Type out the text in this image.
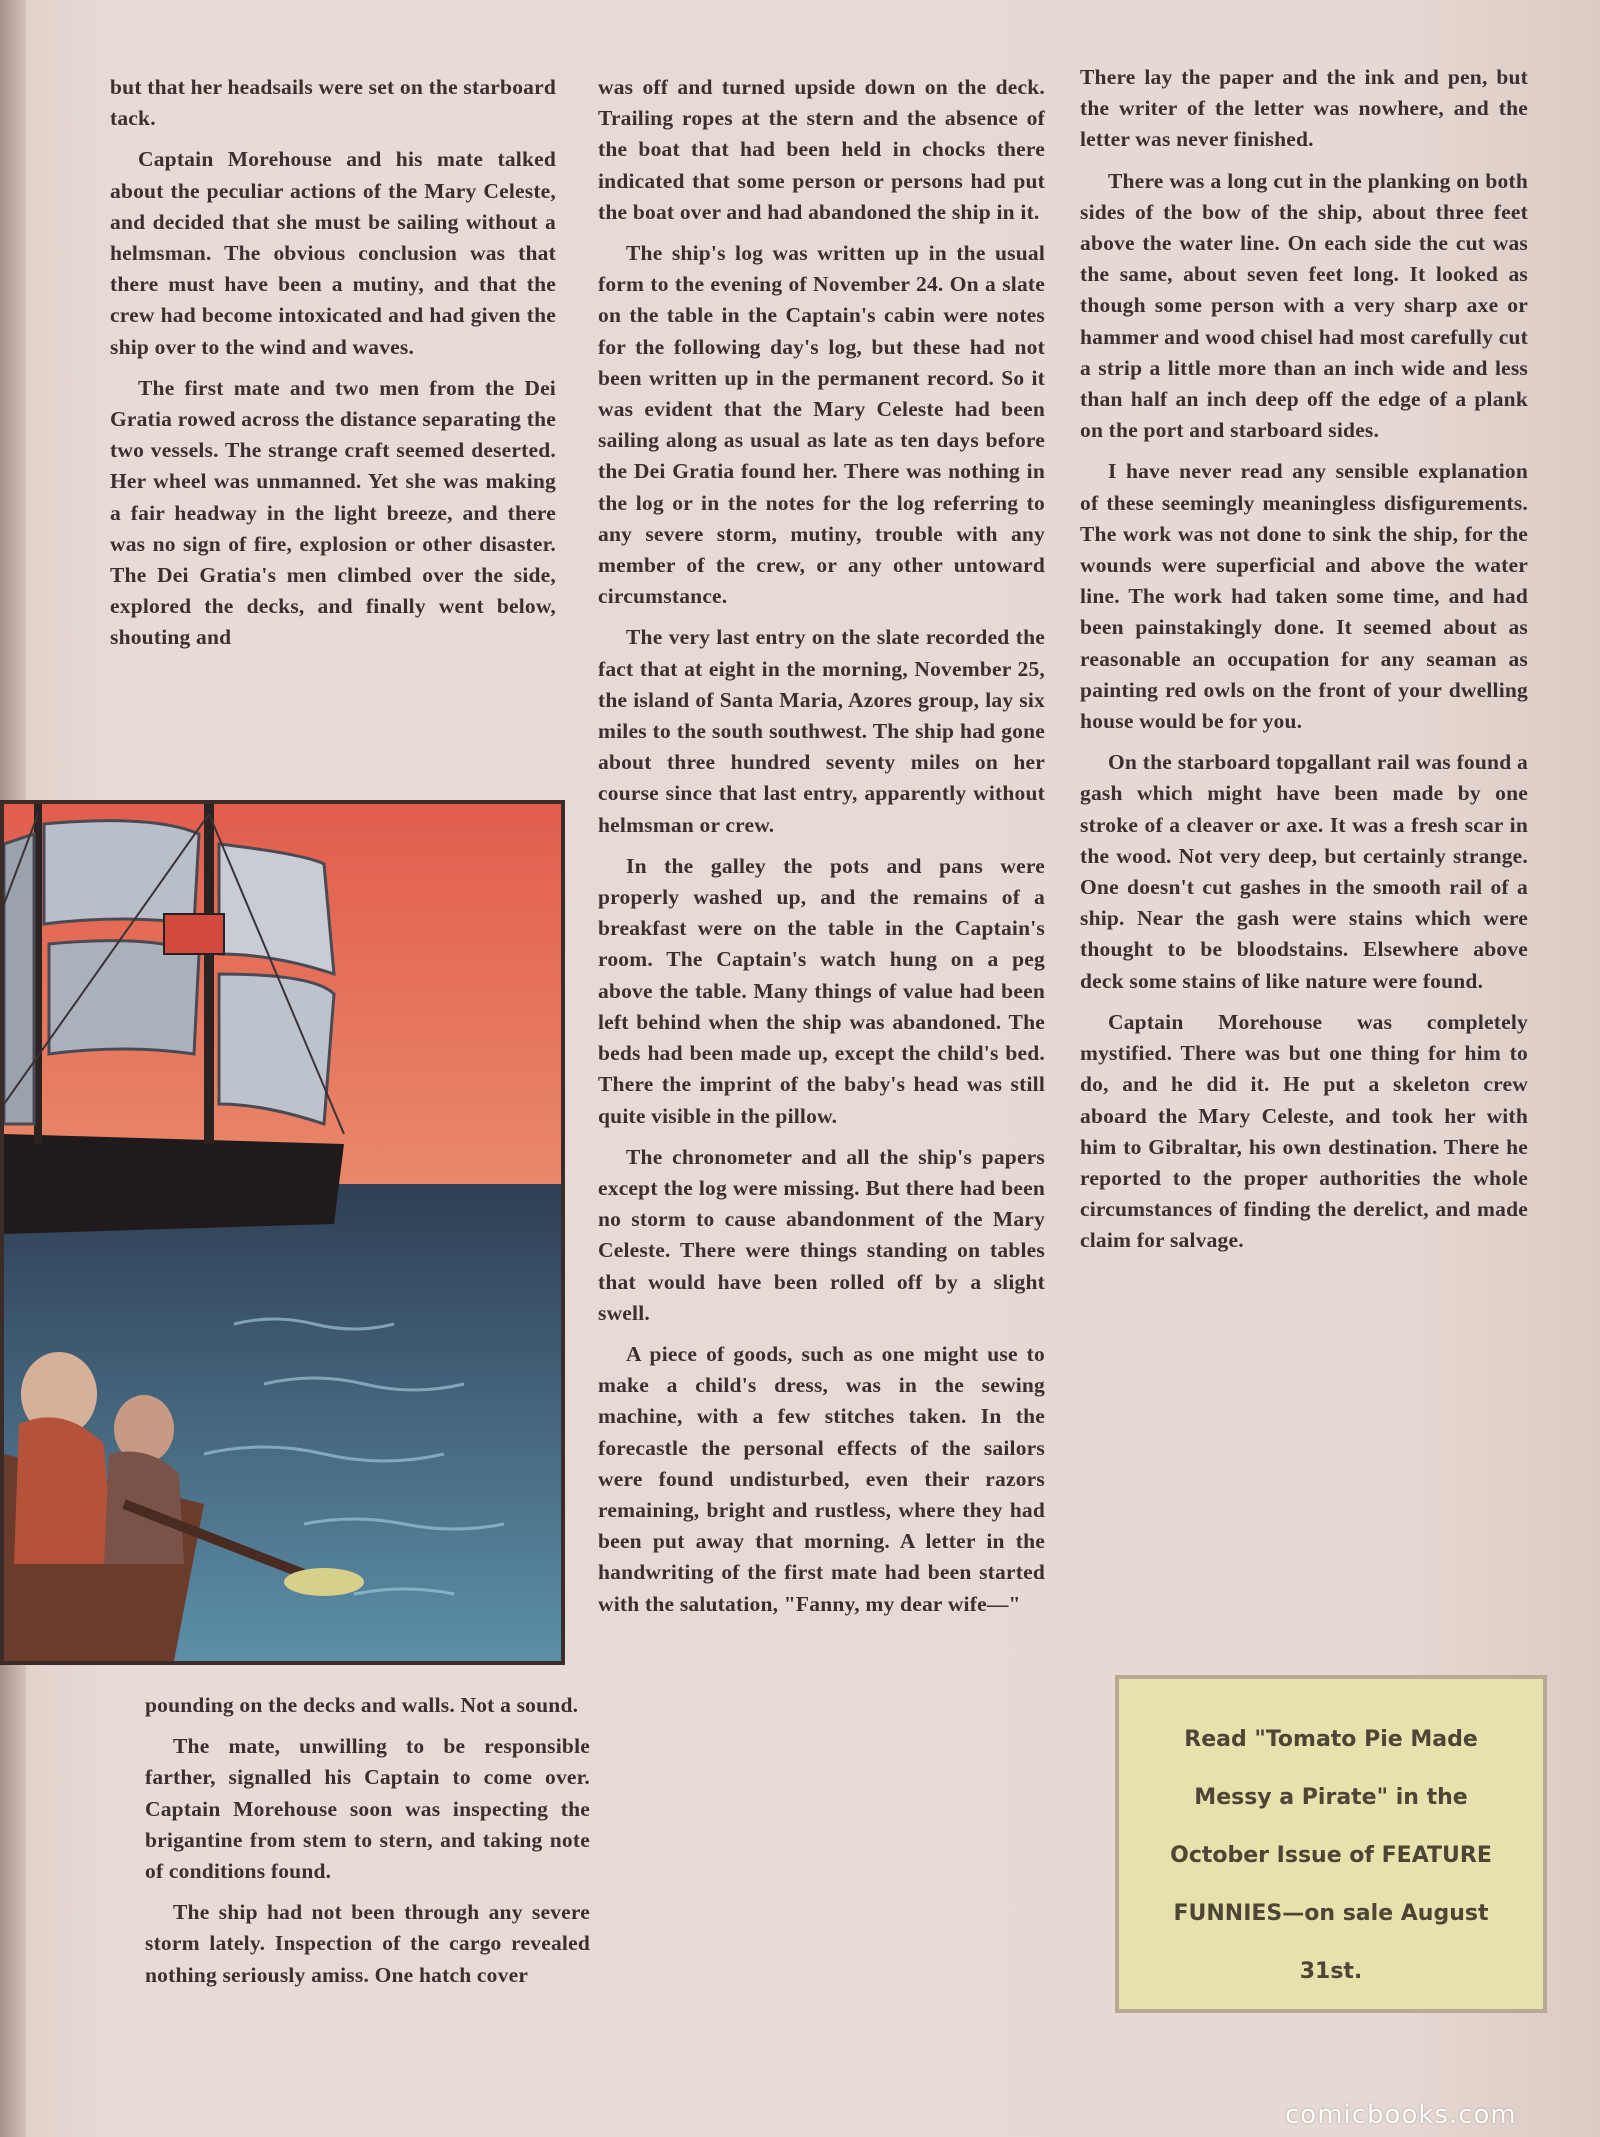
but that her headsails were set on the starboard tack.

Captain Morehouse and his mate talked about the peculiar actions of the Mary Celeste, and decided that she must be sailing without a helmsman. The obvious conclusion was that there must have been a mutiny, and that the crew had become intoxicated and had given the ship over to the wind and waves.

The first mate and two men from the Dei Gratia rowed across the distance separating the two vessels. The strange craft seemed deserted. Her wheel was unmanned. Yet she was making a fair headway in the light breeze, and there was no sign of fire, explosion or other disaster. The Dei Gratia's men climbed over the side, explored the decks, and finally went below, shouting and

pounding on the decks and walls. Not a sound.

The mate, unwilling to be responsible farther, signalled his Captain to come over. Captain Morehouse soon was inspecting the brigantine from stem to stern, and taking note of conditions found.

The ship had not been through any severe storm lately. Inspection of the cargo revealed nothing seriously amiss. One hatch cover

was off and turned upside down on the deck. Trailing ropes at the stern and the absence of the boat that had been held in chocks there indicated that some person or persons had put the boat over and had abandoned the ship in it.

The ship's log was written up in the usual form to the evening of November 24. On a slate on the table in the Captain's cabin were notes for the following day's log, but these had not been written up in the permanent record. So it was evident that the Mary Celeste had been sailing along as usual as late as ten days before the Dei Gratia found her. There was nothing in the log or in the notes for the log referring to any severe storm, mutiny, trouble with any member of the crew, or any other untoward circumstance.

The very last entry on the slate recorded the fact that at eight in the morning, November 25, the island of Santa Maria, Azores group, lay six miles to the south southwest. The ship had gone about three hundred seventy miles on her course since that last entry, apparently without helmsman or crew.

In the galley the pots and pans were properly washed up, and the remains of a breakfast were on the table in the Captain's room. The Captain's watch hung on a peg above the table. Many things of value had been left behind when the ship was abandoned. The beds had been made up, except the child's bed. There the imprint of the baby's head was still quite visible in the pillow.

The chronometer and all the ship's papers except the log were missing. But there had been no storm to cause abandonment of the Mary Celeste. There were things standing on tables that would have been rolled off by a slight swell.

A piece of goods, such as one might use to make a child's dress, was in the sewing machine, with a few stitches taken. In the forecastle the personal effects of the sailors were found undisturbed, even their razors remaining, bright and rustless, where they had been put away that morning. A letter in the handwriting of the first mate had been started with the salutation, "Fanny, my dear wife—"

There lay the paper and the ink and pen, but the writer of the letter was nowhere, and the letter was never finished.

There was a long cut in the planking on both sides of the bow of the ship, about three feet above the water line. On each side the cut was the same, about seven feet long. It looked as though some person with a very sharp axe or hammer and wood chisel had most carefully cut a strip a little more than an inch wide and less than half an inch deep off the edge of a plank on the port and starboard sides.

I have never read any sensible explanation of these seemingly meaningless disfigurements. The work was not done to sink the ship, for the wounds were superficial and above the water line. The work had taken some time, and had been painstakingly done. It seemed about as reasonable an occupation for any seaman as painting red owls on the front of your dwelling house would be for you.

On the starboard topgallant rail was found a gash which might have been made by one stroke of a cleaver or axe. It was a fresh scar in the wood. Not very deep, but certainly strange. One doesn't cut gashes in the smooth rail of a ship. Near the gash were stains which were thought to be bloodstains. Elsewhere above deck some stains of like nature were found.

Captain Morehouse was completely mystified. There was but one thing for him to do, and he did it. He put a skeleton crew aboard the Mary Celeste, and took her with him to Gibraltar, his own destination. There he reported to the proper authorities the whole circumstances of finding the derelict, and made claim for salvage.

Read "Tomato Pie Made Messy a Pirate" in the October Issue of FEATURE FUNNIES—on sale August 31st.
comicbooks.com
